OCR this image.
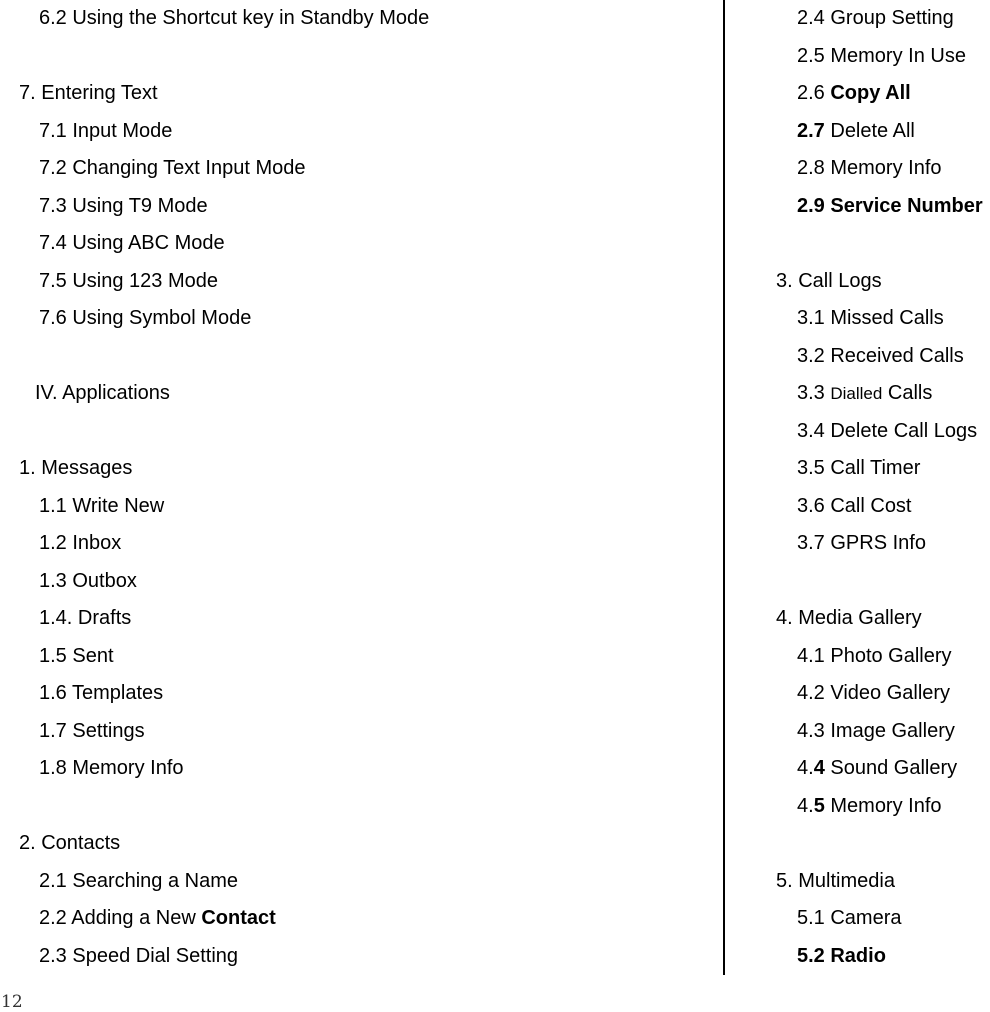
6.2 Using the Shortcut key in Standby Mode
7. Entering Text
7.1 Input Mode
7.2 Changing Text Input Mode
7.3 Using T9 Mode
7.4 Using ABC Mode
7.5 Using 123 Mode
7.6 Using Symbol Mode
IV. Applications
1. Messages
1.1 Write New
1.2 Inbox
1.3 Outbox
1.4. Drafts
1.5 Sent
1.6 Templates
1.7 Settings
1.8 Memory Info
2. Contacts
2.1 Searching a Name
2.2 Adding a New Contact
2.3 Speed Dial Setting
2.4 Group Setting
2.5 Memory In Use
2.6 Copy All
2.7 Delete All
2.8 Memory Info
2.9 Service Number
3. Call Logs
3.1 Missed Calls
3.2 Received Calls
3.3 Dialled Calls
3.4 Delete Call Logs
3.5 Call Timer
3.6 Call Cost
3.7 GPRS Info
4. Media Gallery
4.1 Photo Gallery
4.2 Video Gallery
4.3 Image Gallery
4.4 Sound Gallery
4.5 Memory Info
5. Multimedia
5.1 Camera
5.2 Radio
12
